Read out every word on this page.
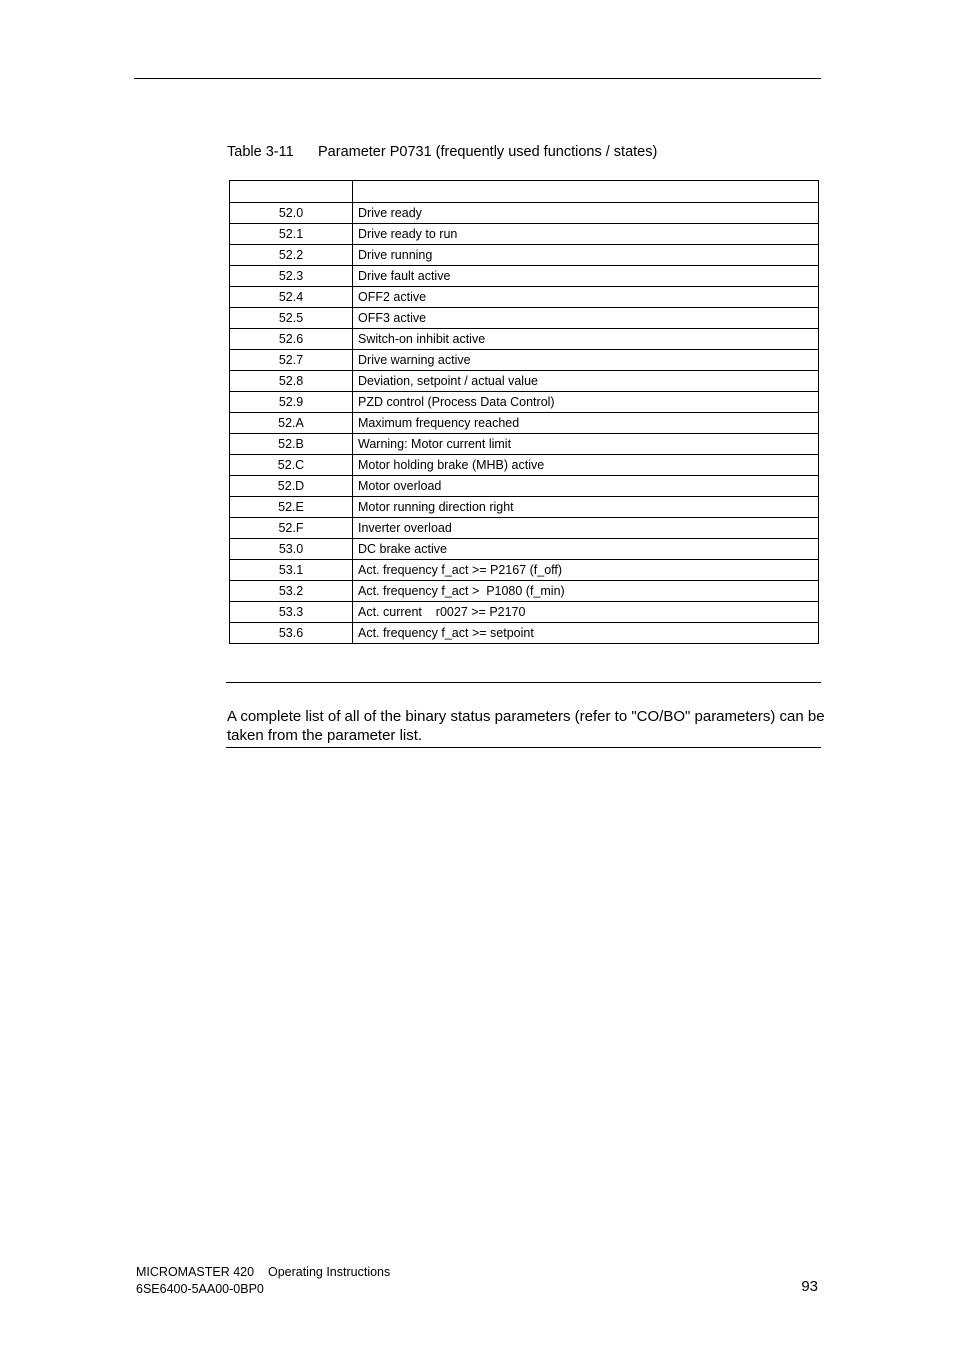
Table 3-11 Parameter P0731 (frequently used functions / states)

52.0	Drive ready
52.1	Drive ready to run
52.2	Drive running
52.3	Drive fault active
52.4	OFF2 active
52.5	OFF3 active
52.6	Switch-on inhibit active
52.7	Drive warning active
52.8	Deviation, setpoint / actual value
52.9	PZD control (Process Data Control)
52.A	Maximum frequency reached
52.B	Warning: Motor current limit
52.C	Motor holding brake (MHB) active
52.D	Motor overload
52.E	Motor running direction right
52.F	Inverter overload
53.0	DC brake active
53.1	Act. frequency f_act >= P2167 (f_off)
53.2	Act. frequency f_act >  P1080 (f_min)
53.3	Act. current    r0027 >= P2170
53.6	Act. frequency f_act >= setpoint
A complete list of all of the binary status parameters (refer to "CO/BO" parameters) can be taken from the parameter list.
MICROMASTER 420    Operating Instructions
6SE6400-5AA00-0BP0	93
